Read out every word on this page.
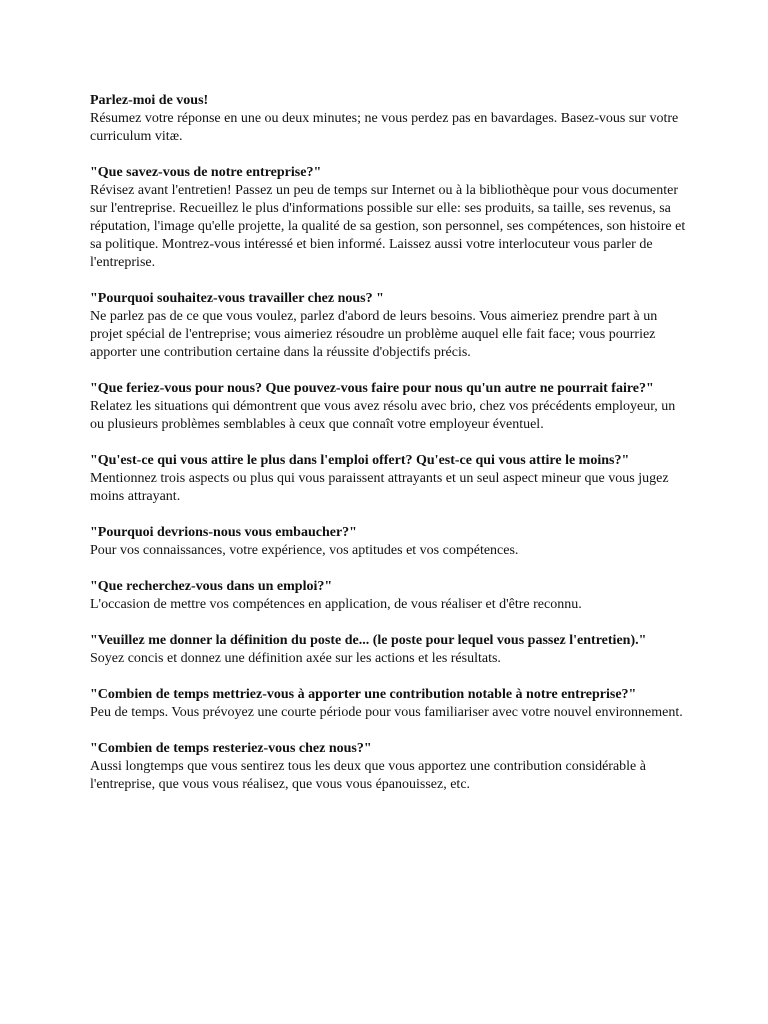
Parlez-moi de vous!
Résumez votre réponse en une ou deux minutes; ne vous perdez pas en bavardages. Basez-vous sur votre curriculum vitæ.
"Que savez-vous de notre entreprise?"
Révisez avant l'entretien! Passez un peu de temps sur Internet ou à la bibliothèque pour vous documenter sur l'entreprise. Recueillez le plus d'informations possible sur elle: ses produits, sa taille, ses revenus, sa réputation, l'image qu'elle projette, la qualité de sa gestion, son personnel, ses compétences, son histoire et sa politique. Montrez-vous intéressé et bien informé. Laissez aussi votre interlocuteur vous parler de l'entreprise.
"Pourquoi souhaitez-vous travailler chez nous? "
Ne parlez pas de ce que vous voulez, parlez d'abord de leurs besoins. Vous aimeriez prendre part à un projet spécial de l'entreprise; vous aimeriez résoudre un problème auquel elle fait face; vous pourriez apporter une contribution certaine dans la réussite d'objectifs précis.
"Que feriez-vous pour nous? Que pouvez-vous faire pour nous qu'un autre ne pourrait faire?"
Relatez les situations qui démontrent que vous avez résolu avec brio, chez vos précédents employeur, un ou plusieurs problèmes semblables à ceux que connaît votre employeur éventuel.
"Qu'est-ce qui vous attire le plus dans l'emploi offert? Qu'est-ce qui vous attire le moins?"
Mentionnez trois aspects ou plus qui vous paraissent attrayants et un seul aspect mineur que vous jugez moins attrayant.
"Pourquoi devrions-nous vous embaucher?"
Pour vos connaissances, votre expérience, vos aptitudes et vos compétences.
"Que recherchez-vous dans un emploi?"
L'occasion de mettre vos compétences en application, de vous réaliser et d'être reconnu.
"Veuillez me donner la définition du poste de... (le poste pour lequel vous passez l'entretien)."
Soyez concis et donnez une définition axée sur les actions et les résultats.
"Combien de temps mettriez-vous à apporter une contribution notable à notre entreprise?"
Peu de temps. Vous prévoyez une courte période pour vous familiariser avec votre nouvel environnement.
"Combien de temps resteriez-vous chez nous?"
Aussi longtemps que vous sentirez tous les deux que vous apportez une contribution considérable à l'entreprise, que vous vous réalisez, que vous vous épanouissez, etc.
